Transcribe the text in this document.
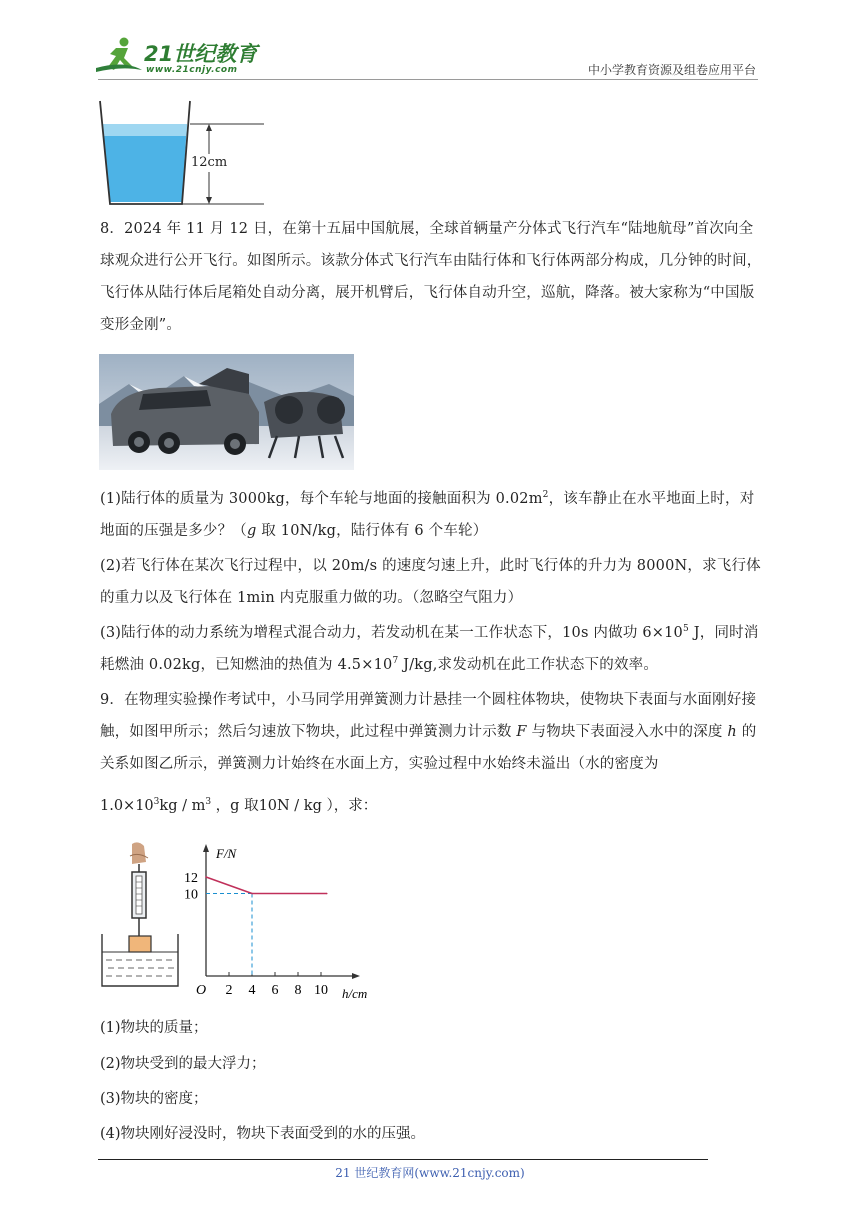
21世纪教育
www.21cnjy.com	中小学教育资源及组卷应用平台
12cm
8．2024 年 11 月 12 日，在第十五届中国航展，全球首辆量产分体式飞行汽车“陆地航母”首次向全球观众进行公开飞行。如图所示。该款分体式飞行汽车由陆行体和飞行体两部分构成，几分钟的时间，飞行体从陆行体后尾箱处自动分离，展开机臂后，飞行体自动升空，巡航，降落。被大家称为“中国版变形金刚”。
(1)陆行体的质量为 3000kg，每个车轮与地面的接触面积为 $0.02m^2$，该车静止在水平地面上时，对地面的压强是多少？（g 取 10N/kg，陆行体有 6 个车轮）
(2)若飞行体在某次飞行过程中，以 20m/s 的速度匀速上升，此时飞行体的升力为 8000N，求飞行体的重力以及飞行体在 1min 内克服重力做的功。（忽略空气阻力）
(3)陆行体的动力系统为增程式混合动力，若发动机在某一工作状态下，10s 内做功 $6\times 10^5$ J，同时消耗燃油 0.02kg，已知燃油的热值为 $4.5\times 10^7$ J/kg,求发动机在此工作状态下的效率。
9．在物理实验操作考试中，小马同学用弹簧测力计悬挂一个圆柱体物块，使物块下表面与水面刚好接触，如图甲所示；然后匀速放下物块，此过程中弹簧测力计示数 F 与物块下表面浸入水中的深度 h 的关系如图乙所示，弹簧测力计始终在水面上方，实验过程中水始终未溢出（水的密度为
$1.0\times 10^3kg / m^3$ ，g 取10N / kg ），求：
F/N
h/cm
O 2 4 6 8 10
12
10
(1)物块的质量；
(2)物块受到的最大浮力；
(3)物块的密度；
(4)物块刚好浸没时，物块下表面受到的水的压强。
21 世纪教育网(www.21cnjy.com)
